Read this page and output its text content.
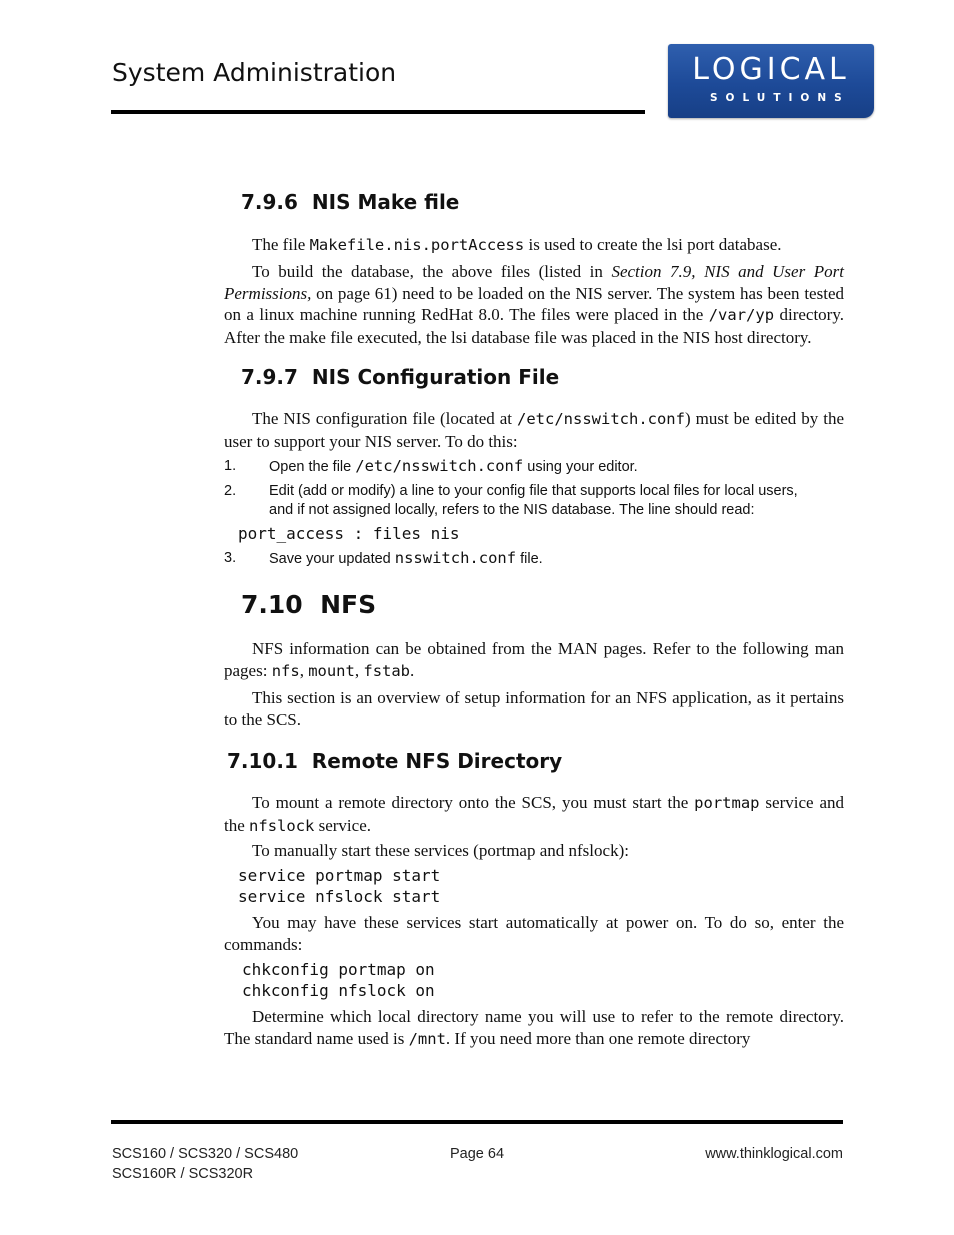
System Administration	LOGICAL
SOLUTIONS
7.9.6 NIS Make file
The file Makefile.nis.portAccess is used to create the lsi port database.
To build the database, the above files (listed in Section 7.9, NIS and User Port Permissions, on page 61) need to be loaded on the NIS server. The system has been tested on a linux machine running RedHat 8.0. The files were placed in the /var/yp directory. After the make file executed, the lsi database file was placed in the NIS host directory.
7.9.7 NIS Configuration File
The NIS configuration file (located at /etc/nsswitch.conf) must be edited by the user to support your NIS server. To do this:
1. Open the file /etc/nsswitch.conf using your editor.
2. Edit (add or modify) a line to your config file that supports local files for local users, and if not assigned locally, refers to the NIS database. The line should read:
port_access : files nis
3. Save your updated nsswitch.conf file.
7.10 NFS
NFS information can be obtained from the MAN pages. Refer to the following man pages: nfs, mount, fstab.
This section is an overview of setup information for an NFS application, as it pertains to the SCS.
7.10.1 Remote NFS Directory
To mount a remote directory onto the SCS, you must start the portmap service and the nfslock service.
To manually start these services (portmap and nfslock):
service portmap start
service nfslock start
You may have these services start automatically at power on. To do so, enter the commands:
chkconfig portmap on
chkconfig nfslock on
Determine which local directory name you will use to refer to the remote directory. The standard name used is /mnt. If you need more than one remote directory
SCS160 / SCS320 / SCS480
SCS160R / SCS320R
Page 64	www.thinklogical.com
